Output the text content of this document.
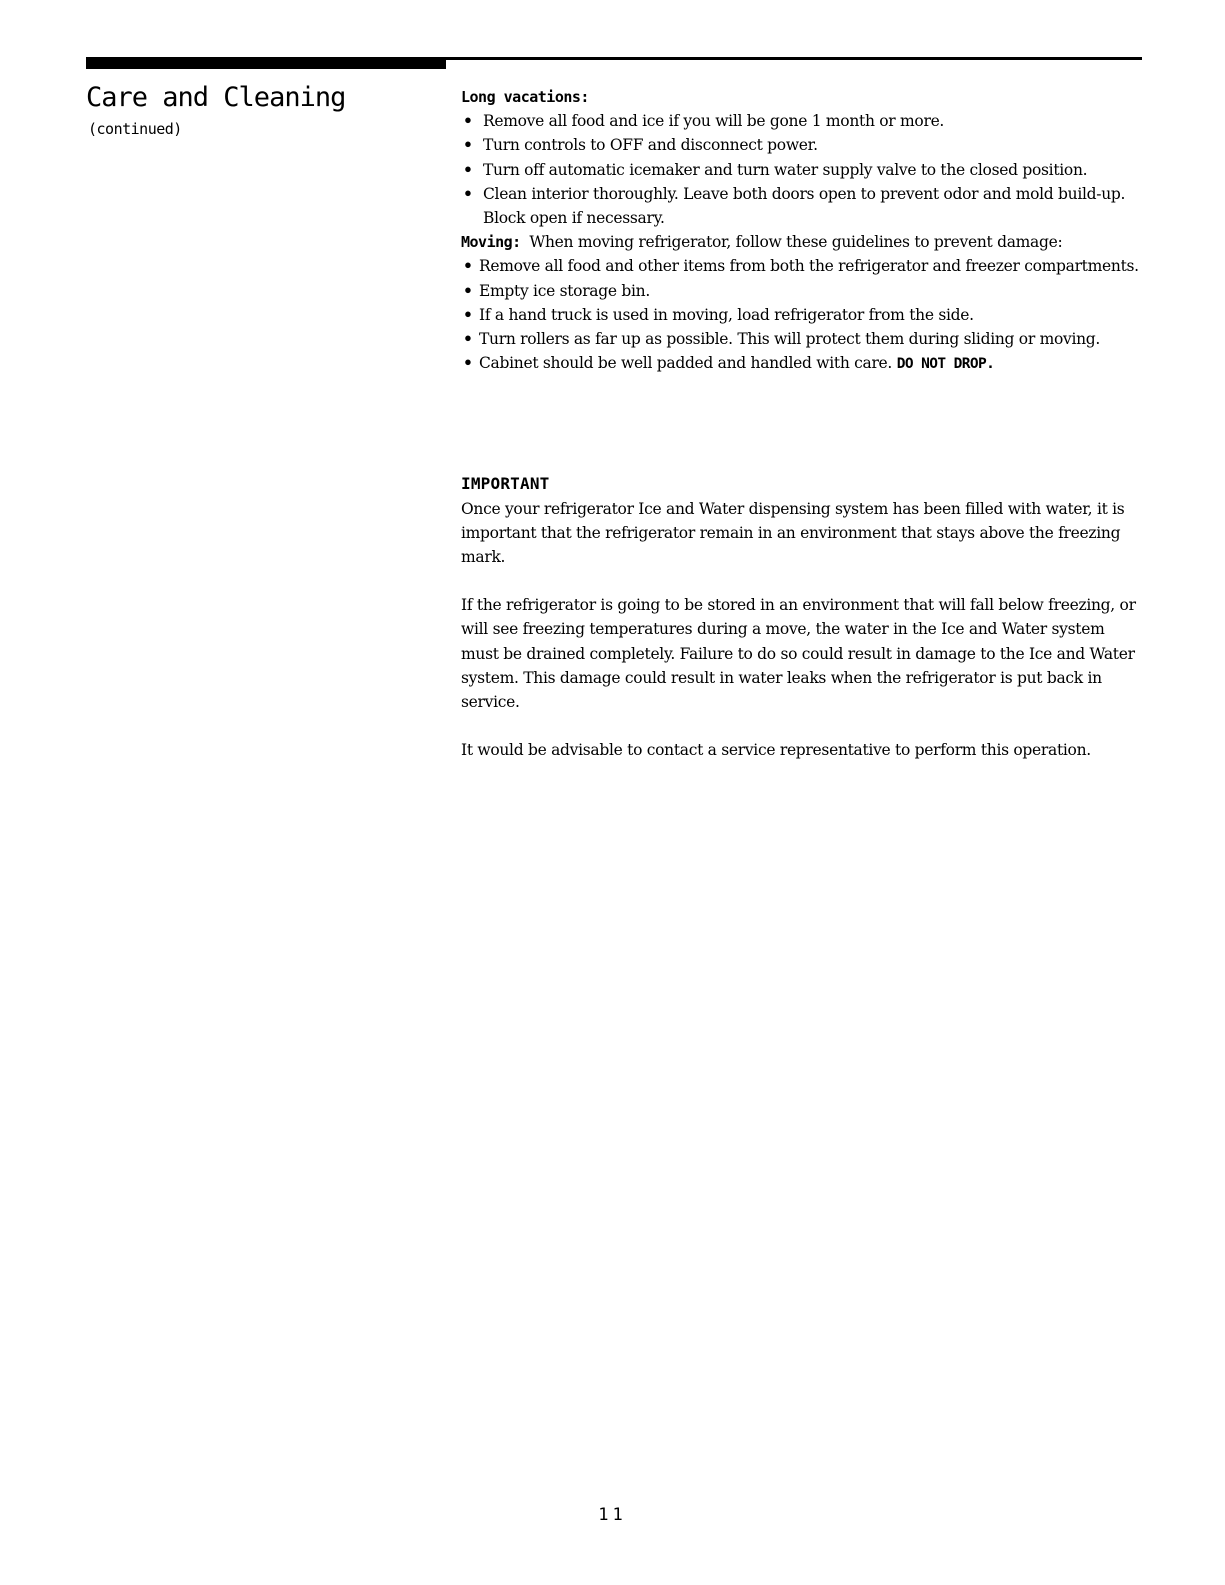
Care and Cleaning
(continued)
Long vacations:
• Remove all food and ice if you will be gone 1 month or more.
• Turn controls to OFF and disconnect power.
• Turn off automatic icemaker and turn water supply valve to the closed position.
• Clean interior thoroughly. Leave both doors open to prevent odor and mold build-up. Block open if necessary.
Moving: When moving refrigerator, follow these guidelines to prevent damage:
• Remove all food and other items from both the refrigerator and freezer compartments.
• Empty ice storage bin.
• If a hand truck is used in moving, load refrigerator from the side.
• Turn rollers as far up as possible. This will protect them during sliding or moving.
• Cabinet should be well padded and handled with care. DO NOT DROP.
IMPORTANT

Once your refrigerator Ice and Water dispensing system has been filled with water, it is important that the refrigerator remain in an environment that stays above the freezing mark.

If the refrigerator is going to be stored in an environment that will fall below freezing, or will see freezing temperatures during a move, the water in the Ice and Water system must be drained completely. Failure to do so could result in damage to the Ice and Water system. This damage could result in water leaks when the refrigerator is put back in service.

It would be advisable to contact a service representative to perform this operation.

11
